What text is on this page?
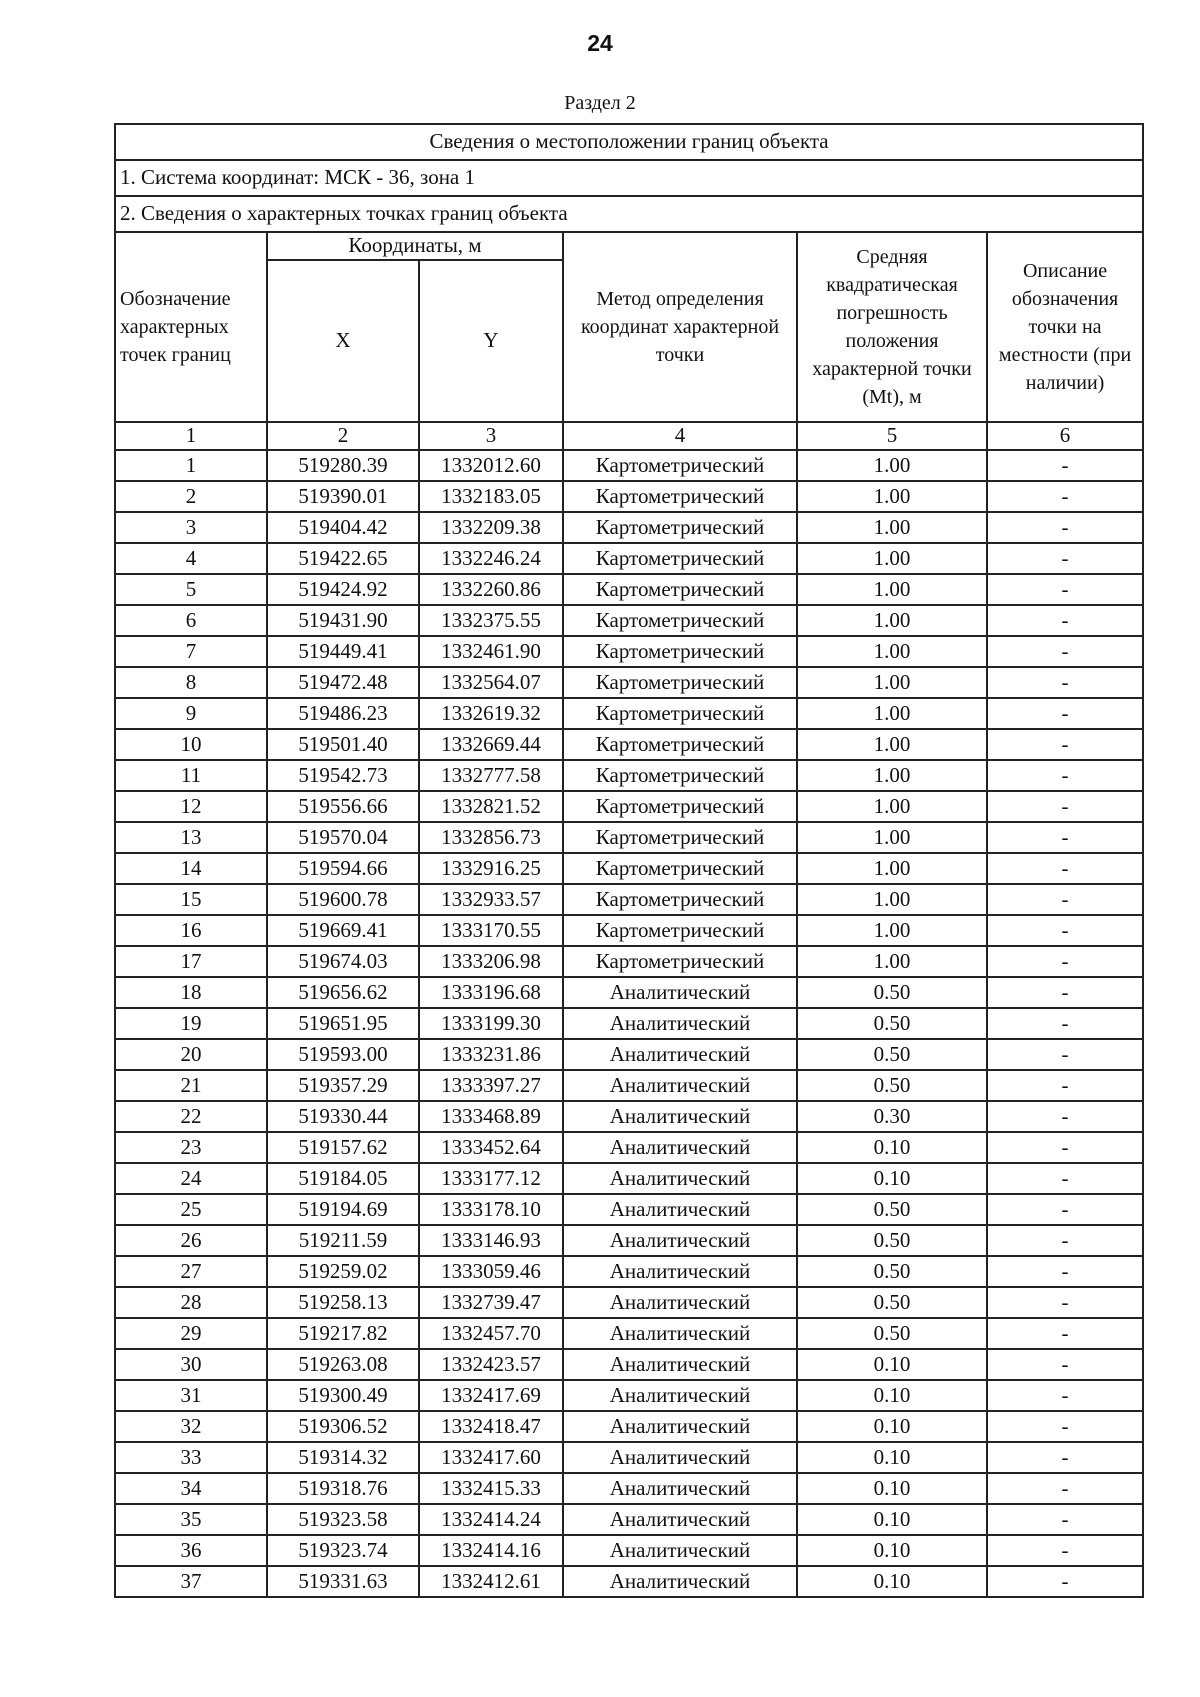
24
Раздел 2
Сведения о местоположении границ объекта					
1. Система координат: МСК - 36, зона 1					
2. Сведения о характерных точках границ объекта					
Обозначение характерных точек границ	Координаты, м		Метод определения координат характерной точки	Средняя квадратическая погрешность положения характерной точки (Mt), м	Описание обозначения точки на местности (при наличии)
	X	Y			
1	2	3	4	5	6
1	519280.39	1332012.60	Картометрический	1.00	-
2	519390.01	1332183.05	Картометрический	1.00	-
3	519404.42	1332209.38	Картометрический	1.00	-
4	519422.65	1332246.24	Картометрический	1.00	-
5	519424.92	1332260.86	Картометрический	1.00	-
6	519431.90	1332375.55	Картометрический	1.00	-
7	519449.41	1332461.90	Картометрический	1.00	-
8	519472.48	1332564.07	Картометрический	1.00	-
9	519486.23	1332619.32	Картометрический	1.00	-
10	519501.40	1332669.44	Картометрический	1.00	-
11	519542.73	1332777.58	Картометрический	1.00	-
12	519556.66	1332821.52	Картометрический	1.00	-
13	519570.04	1332856.73	Картометрический	1.00	-
14	519594.66	1332916.25	Картометрический	1.00	-
15	519600.78	1332933.57	Картометрический	1.00	-
16	519669.41	1333170.55	Картометрический	1.00	-
17	519674.03	1333206.98	Картометрический	1.00	-
18	519656.62	1333196.68	Аналитический	0.50	-
19	519651.95	1333199.30	Аналитический	0.50	-
20	519593.00	1333231.86	Аналитический	0.50	-
21	519357.29	1333397.27	Аналитический	0.50	-
22	519330.44	1333468.89	Аналитический	0.30	-
23	519157.62	1333452.64	Аналитический	0.10	-
24	519184.05	1333177.12	Аналитический	0.10	-
25	519194.69	1333178.10	Аналитический	0.50	-
26	519211.59	1333146.93	Аналитический	0.50	-
27	519259.02	1333059.46	Аналитический	0.50	-
28	519258.13	1332739.47	Аналитический	0.50	-
29	519217.82	1332457.70	Аналитический	0.50	-
30	519263.08	1332423.57	Аналитический	0.10	-
31	519300.49	1332417.69	Аналитический	0.10	-
32	519306.52	1332418.47	Аналитический	0.10	-
33	519314.32	1332417.60	Аналитический	0.10	-
34	519318.76	1332415.33	Аналитический	0.10	-
35	519323.58	1332414.24	Аналитический	0.10	-
36	519323.74	1332414.16	Аналитический	0.10	-
37	519331.63	1332412.61	Аналитический	0.10	-
